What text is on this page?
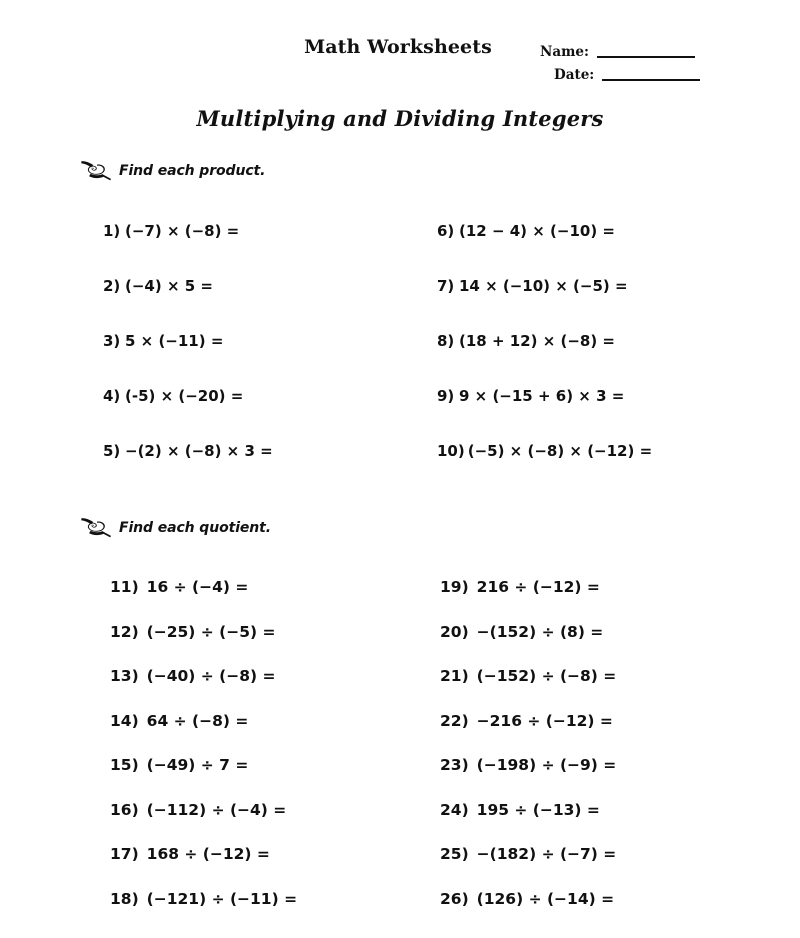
Math Worksheets	Name:
Date:
Multiplying and Dividing Integers
Find each product.
1) (−7) × (−8) =
2) (−4) × 5 =
3) 5 × (−11) =
4) (-5) × (−20) =
5) −(2) × (−8) × 3 =
6) (12 − 4) × (−10) =
7) 14 × (−10) × (−5) =
8) (18 + 12) × (−8) =
9) 9 × (−15 + 6) × 3 =
10) (−5) × (−8) × (−12) =
Find each quotient.
11) 16 ÷ (−4) =
12) (−25) ÷ (−5) =
13) (−40) ÷ (−8) =
14) 64 ÷ (−8) =
15) (−49) ÷ 7 =
16) (−112) ÷ (−4) =
17) 168 ÷ (−12) =
18) (−121) ÷ (−11) =
19) 216 ÷ (−12) =
20) −(152) ÷ (8) =
21) (−152) ÷ (−8) =
22) −216 ÷ (−12) =
23) (−198) ÷ (−9) =
24) 195 ÷ (−13) =
25) −(182) ÷ (−7) =
26) (126) ÷ (−14) =
